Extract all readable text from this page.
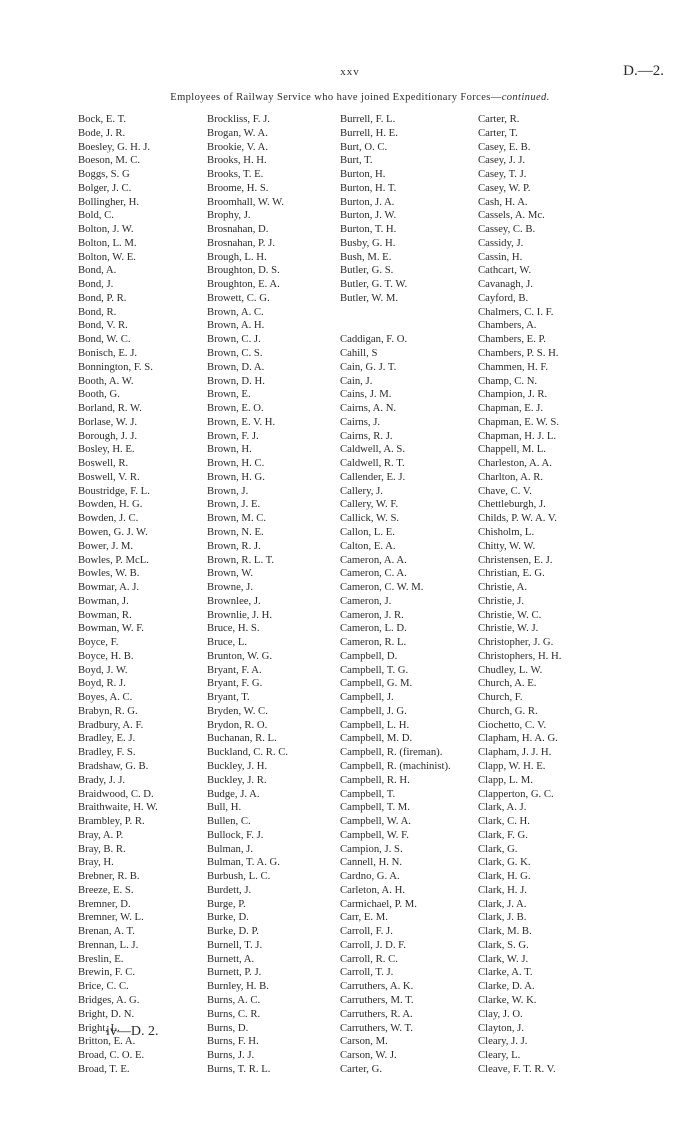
xxv	D.—2.
Employees of Railway Service who have joined Expeditionary Forces—continued.
Bock, E. T.
Bode, J. R.
Boesley, G. H. J.
Boeson, M. C.
Boggs, S. G
Bolger, J. C.
Bollingher, H.
Bold, C.
Bolton, J. W.
Bolton, L. M.
Bolton, W. E.
Bond, A.
Bond, J.
Bond, P. R.
Bond, R.
Bond, V. R.
Bond, W. C.
Bonisch, E. J.
Bonnington, F. S.
Booth, A. W.
Booth, G.
Borland, R. W.
Borlase, W. J.
Borough, J. J.
Bosley, H. E.
Boswell, R.
Boswell, V. R.
Boustridge, F. L.
Bowden, H. G.
Bowden, J. C.
Bowen, G. J. W.
Bower, J. M.
Bowles, P. McL.
Bowles, W. B.
Bowmar, A. J.
Bowman, J.
Bowman, R.
Bowman, W. F.
Boyce, F.
Boyce, H. B.
Boyd, J. W.
Boyd, R. J.
Boyes, A. C.
Brabyn, R. G.
Bradbury, A. F.
Bradley, E. J.
Bradley, F. S.
Bradshaw, G. B.
Brady, J. J.
Braidwood, C. D.
Braithwaite, H. W.
Brambley, P. R.
Bray, A. P.
Bray, B. R.
Bray, H.
Brebner, R. B.
Breeze, E. S.
Bremner, D.
Bremner, W. L.
Brenan, A. T.
Brennan, L. J.
Breslin, E.
Brewin, F. C.
Brice, C. C.
Bridges, A. G.
Bright, D. N.
Bright, L.
Britton, E. A.
Broad, C. O. E.
Broad, T. E.
Brockliss, F. J.
Brogan, W. A.
Brookie, V. A.
Brooks, H. H.
Brooks, T. E.
Broome, H. S.
Broomhall, W. W.
Brophy, J.
Brosnahan, D.
Brosnahan, P. J.
Brough, L. H.
Broughton, D. S.
Broughton, E. A.
Browett, C. G.
Brown, A. C.
Brown, A. H.
Brown, C. J.
Brown, C. S.
Brown, D. A.
Brown, D. H.
Brown, E.
Brown, E. O.
Brown, E. V. H.
Brown, F. J.
Brown, H.
Brown, H. C.
Brown, H. G.
Brown, J.
Brown, J. E.
Brown, M. C.
Brown, N. E.
Brown, R. J.
Brown, R. L. T.
Brown, W.
Browne, J.
Brownlee, J.
Brownlie, J. H.
Bruce, H. S.
Bruce, L.
Brunton, W. G.
Bryant, F. A.
Bryant, F. G.
Bryant, T.
Bryden, W. C.
Brydon, R. O.
Buchanan, R. L.
Buckland, C. R. C.
Buckley, J. H.
Buckley, J. R.
Budge, J. A.
Bull, H.
Bullen, C.
Bullock, F. J.
Bulman, J.
Bulman, T. A. G.
Burbush, L. C.
Burdett, J.
Burge, P.
Burke, D.
Burke, D. P.
Burnell, T. J.
Burnett, A.
Burnett, P. J.
Burnley, H. B.
Burns, A. C.
Burns, C. R.
Burns, D.
Burns, F. H.
Burns, J. J.
Burns, T. R. L.
Burrell, F. L.
Burrell, H. E.
Burt, O. C.
Burt, T.
Burton, H.
Burton, H. T.
Burton, J. A.
Burton, J. W.
Burton, T. H.
Busby, G. H.
Bush, M. E.
Butler, G. S.
Butler, G. T. W.
Butler, W. M.
Caddigan, F. O.
Cahill, S
Cain, G. J. T.
Cain, J.
Cains, J. M.
Cairns, A. N.
Cairns, J.
Cairns, R. J.
Caldwell, A. S.
Caldwell, R. T.
Callender, E. J.
Callery, J.
Callery, W. F.
Callick, W. S.
Callon, L. E.
Calton, E. A.
Cameron, A. A.
Cameron, C. A.
Cameron, C. W. M.
Cameron, J.
Cameron, J. R.
Cameron, L. D.
Cameron, R. L.
Campbell, D.
Campbell, T. G.
Campbell, G. M.
Campbell, J.
Campbell, J. G.
Campbell, L. H.
Campbell, M. D.
Campbell, R. (fireman).
Campbell, R. (machinist).
Campbell, R. H.
Campbell, T.
Campbell, T. M.
Campbell, W. A.
Campbell, W. F.
Campion, J. S.
Cannell, H. N.
Cardno, G. A.
Carleton, A. H.
Carmichael, P. M.
Carr, E. M.
Carroll, F. J.
Carroll, J. D. F.
Carroll, R. C.
Carroll, T. J.
Carruthers, A. K.
Carruthers, M. T.
Carruthers, R. A.
Carruthers, W. T.
Carson, M.
Carson, W. J.
Carter, G.
Carter, R.
Carter, T.
Casey, E. B.
Casey, J. J.
Casey, T. J.
Casey, W. P.
Cash, H. A.
Cassels, A. Mc.
Cassey, C. B.
Cassidy, J.
Cassin, H.
Cathcart, W.
Cavanagh, J.
Cayford, B.
Chalmers, C. I. F.
Chambers, A.
Chambers, E. P.
Chambers, P. S. H.
Chammen, H. F.
Champ, C. N.
Champion, J. R.
Chapman, E. J.
Chapman, E. W. S.
Chapman, H. J. L.
Chappell, M. L.
Charleston, A. A.
Charlton, A. R.
Chave, C. V.
Chettleburgh, J.
Childs, P. W. A. V.
Chisholm, L.
Chitty, W. W.
Christensen, E. J.
Christian, E. G.
Christie, A.
Christie, J.
Christie, W. C.
Christie, W. J.
Christopher, J. G.
Christophers, H. H.
Chudley, L. W.
Church, A. E.
Church, F.
Church, G. R.
Ciochetto, C. V.
Clapham, H. A. G.
Clapham, J. J. H.
Clapp, W. H. E.
Clapp, L. M.
Clapperton, G. C.
Clark, A. J.
Clark, C. H.
Clark, F. G.
Clark, G.
Clark, G. K.
Clark, H. G.
Clark, H. J.
Clark, J. A.
Clark, J. B.
Clark, M. B.
Clark, S. G.
Clark, W. J.
Clarke, A. T.
Clarke, D. A.
Clarke, W. K.
Clay, J. O.
Clayton, J.
Cleary, J. J.
Cleary, L.
Cleave, F. T. R. V.
iv—D. 2.
